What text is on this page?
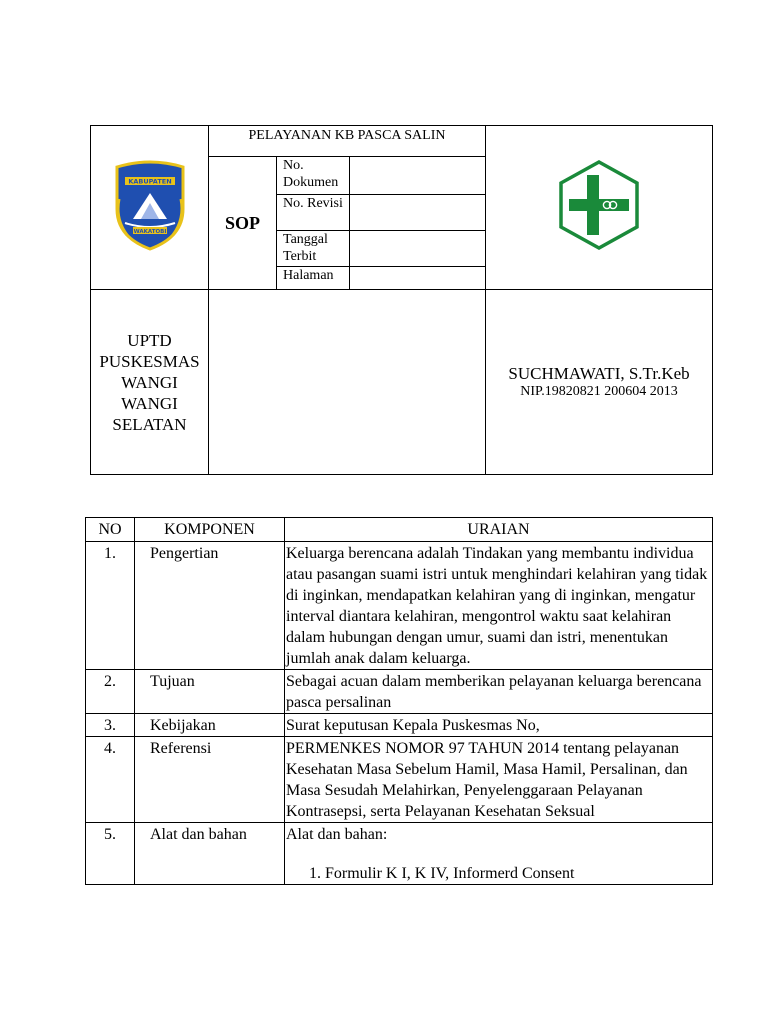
KABUPATEN
WAKATOBI	PELAYANAN KB PASCA SALIN

	SOP	No. Dokumen		
		No. Revisi		
		Tanggal Terbit		
		Halaman		

UPTD PUSKESMAS WANGI WANGI SELATAN				SUCHMAWATI, S.Tr.Keb
NIP.19820821 200604 2013
NO	KOMPONEN	URAIAN
1.	Pengertian	Keluarga berencana adalah Tindakan yang membantu individua atau pasangan suami istri untuk menghindari kelahiran yang tidak di inginkan, mendapatkan kelahiran yang di inginkan, mengatur interval diantara kelahiran, mengontrol waktu saat kelahiran dalam hubungan dengan umur, suami dan istri, menentukan jumlah anak dalam keluarga.
2.	Tujuan	Sebagai acuan dalam memberikan pelayanan keluarga berencana pasca persalinan
3.	Kebijakan	Surat keputusan Kepala Puskesmas No,
4.	Referensi	PERMENKES NOMOR 97 TAHUN 2014 tentang pelayanan Kesehatan Masa Sebelum Hamil, Masa Hamil, Persalinan, dan Masa Sesudah Melahirkan, Penyelenggaraan Pelayanan Kontrasepsi, serta Pelayanan Kesehatan Seksual
5.	Alat dan bahan	Alat dan bahan:
1. Formulir K I, K IV, Informerd Consent
